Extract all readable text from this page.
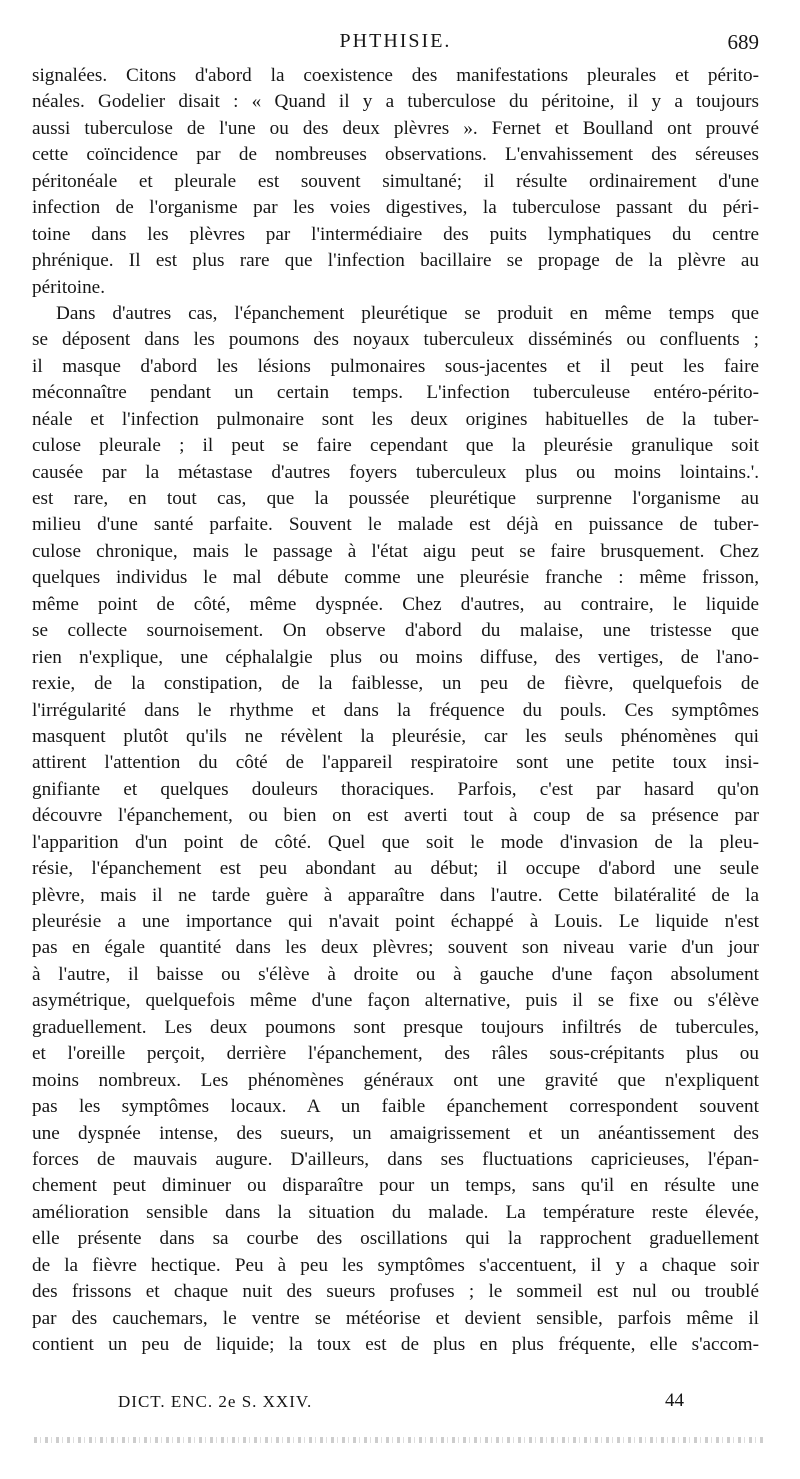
PHTHISIE.	689
signalées. Citons d'abord la coexistence des manifestations pleurales et périto-
néales. Godelier disait : « Quand il y a tuberculose du péritoine, il y a toujours
aussi tuberculose de l'une ou des deux plèvres ». Fernet et Boulland ont prouvé
cette coïncidence par de nombreuses observations. L'envahissement des séreuses
péritonéale et pleurale est souvent simultané; il résulte ordinairement d'une
infection de l'organisme par les voies digestives, la tuberculose passant du péri-
toine dans les plèvres par l'intermédiaire des puits lymphatiques du centre
phrénique. Il est plus rare que l'infection bacillaire se propage de la plèvre au
péritoine.
Dans d'autres cas, l'épanchement pleurétique se produit en même temps que
se déposent dans les poumons des noyaux tuberculeux disséminés ou confluents ;
il masque d'abord les lésions pulmonaires sous-jacentes et il peut les faire
méconnaître pendant un certain temps. L'infection tuberculeuse entéro-périto-
néale et l'infection pulmonaire sont les deux origines habituelles de la tuber-
culose pleurale ; il peut se faire cependant que la pleurésie granulique soit
causée par la métastase d'autres foyers tuberculeux plus ou moins lointains.'.
est rare, en tout cas, que la poussée pleurétique surprenne l'organisme au
milieu d'une santé parfaite. Souvent le malade est déjà en puissance de tuber-
culose chronique, mais le passage à l'état aigu peut se faire brusquement. Chez
quelques individus le mal débute comme une pleurésie franche : même frisson,
même point de côté, même dyspnée. Chez d'autres, au contraire, le liquide
se collecte sournoisement. On observe d'abord du malaise, une tristesse que
rien n'explique, une céphalalgie plus ou moins diffuse, des vertiges, de l'ano-
rexie, de la constipation, de la faiblesse, un peu de fièvre, quelquefois de
l'irrégularité dans le rhythme et dans la fréquence du pouls. Ces symptômes
masquent plutôt qu'ils ne révèlent la pleurésie, car les seuls phénomènes qui
attirent l'attention du côté de l'appareil respiratoire sont une petite toux insi-
gnifiante et quelques douleurs thoraciques. Parfois, c'est par hasard qu'on
découvre l'épanchement, ou bien on est averti tout à coup de sa présence par
l'apparition d'un point de côté. Quel que soit le mode d'invasion de la pleu-
résie, l'épanchement est peu abondant au début; il occupe d'abord une seule
plèvre, mais il ne tarde guère à apparaître dans l'autre. Cette bilatéralité de la
pleurésie a une importance qui n'avait point échappé à Louis. Le liquide n'est
pas en égale quantité dans les deux plèvres; souvent son niveau varie d'un jour
à l'autre, il baisse ou s'élève à droite ou à gauche d'une façon absolument
asymétrique, quelquefois même d'une façon alternative, puis il se fixe ou s'élève
graduellement. Les deux poumons sont presque toujours infiltrés de tubercules,
et l'oreille perçoit, derrière l'épanchement, des râles sous-crépitants plus ou
moins nombreux. Les phénomènes généraux ont une gravité que n'expliquent
pas les symptômes locaux. A un faible épanchement correspondent souvent
une dyspnée intense, des sueurs, un amaigrissement et un anéantissement des
forces de mauvais augure. D'ailleurs, dans ses fluctuations capricieuses, l'épan-
chement peut diminuer ou disparaître pour un temps, sans qu'il en résulte une
amélioration sensible dans la situation du malade. La température reste élevée,
elle présente dans sa courbe des oscillations qui la rapprochent graduellement
de la fièvre hectique. Peu à peu les symptômes s'accentuent, il y a chaque soir
des frissons et chaque nuit des sueurs profuses ; le sommeil est nul ou troublé
par des cauchemars, le ventre se météorise et devient sensible, parfois même il
contient un peu de liquide; la toux est de plus en plus fréquente, elle s'accom-
DICT. ENC. 2e S. XXIV.	44
